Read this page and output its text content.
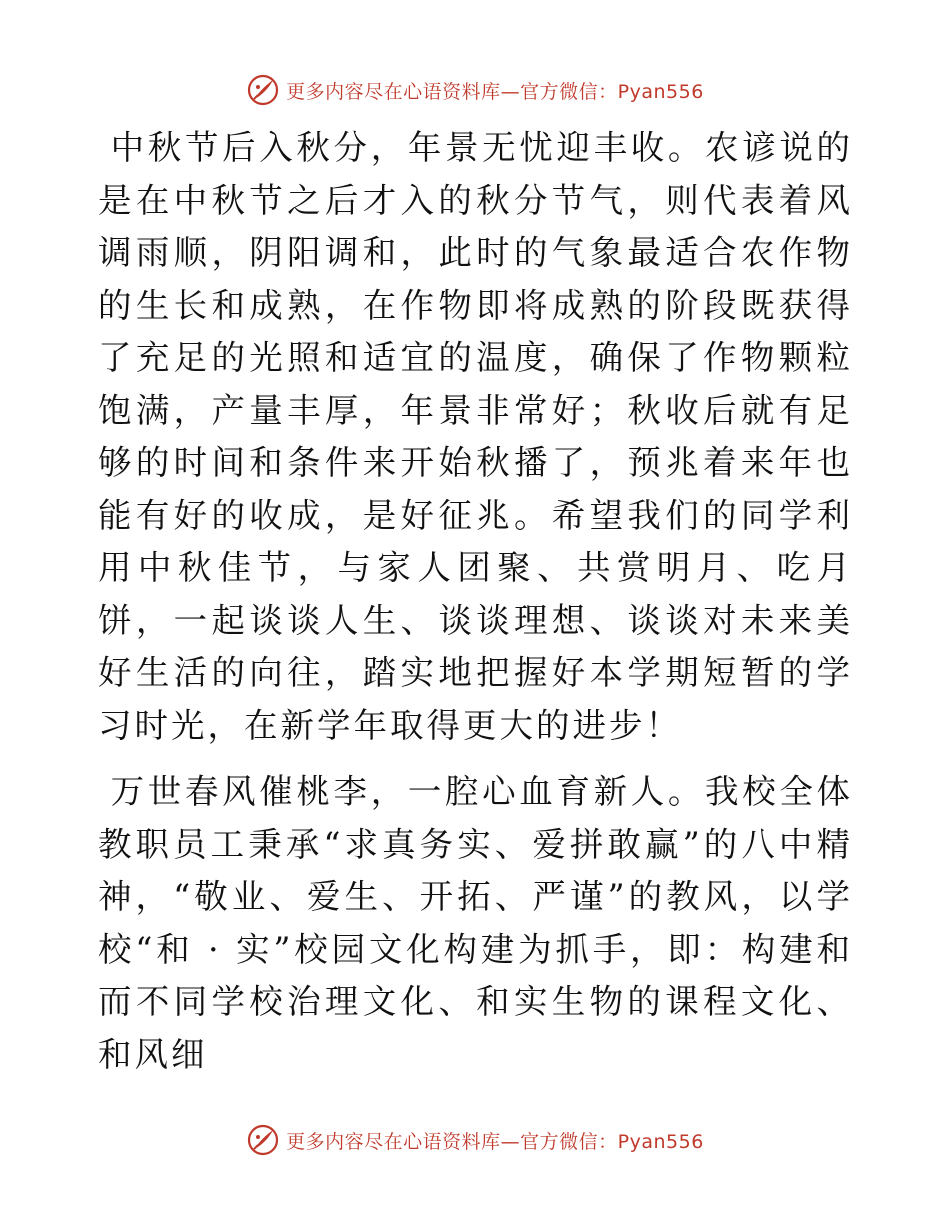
更多内容尽在心语资料库—官方微信：Pyan556

中秋节后入秋分，年景无忧迎丰收。农谚说的是在中秋节之后才入的秋分节气，则代表着风调雨顺，阴阳调和，此时的气象最适合农作物的生长和成熟，在作物即将成熟的阶段既获得了充足的光照和适宜的温度，确保了作物颗粒饱满，产量丰厚，年景非常好；秋收后就有足够的时间和条件来开始秋播了，预兆着来年也能有好的收成，是好征兆。希望我们的同学利用中秋佳节，与家人团聚、共赏明月、吃月饼，一起谈谈人生、谈谈理想、谈谈对未来美好生活的向往，踏实地把握好本学期短暂的学习时光，在新学年取得更大的进步！

万世春风催桃李，一腔心血育新人。我校全体教职员工秉承“求真务实、爱拼敢赢”的八中精神，“敬业、爱生、开拓、严谨”的教风，以学校“和 · 实”校园文化构建为抓手，即：构建和而不同学校治理文化、和实生物的课程文化、和风细

更多内容尽在心语资料库—官方微信：Pyan556
